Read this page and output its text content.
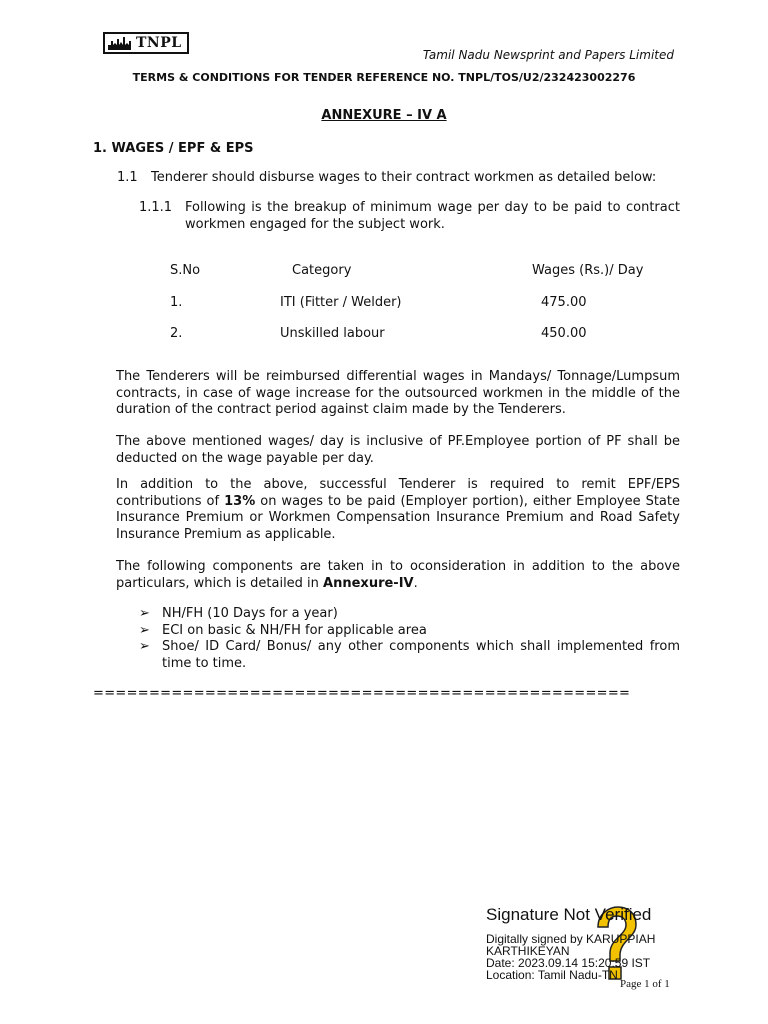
TNPL
Tamil Nadu Newsprint and Papers Limited
TERMS & CONDITIONS FOR TENDER REFERENCE NO. TNPL/TOS/U2/232423002276
ANNEXURE – IV A
1. WAGES / EPF & EPS
1.1 Tenderer should disburse wages to their contract workmen as detailed below:
1.1.1 Following is the breakup of minimum wage per day to be paid to contract workmen engaged for the subject work.
S.No	Category	Wages (Rs.)/ Day
1.	ITI (Fitter / Welder)	475.00
2.	Unskilled labour	450.00

The Tenderers will be reimbursed differential wages in Mandays/ Tonnage/Lumpsum contracts, in case of wage increase for the outsourced workmen in the middle of the duration of the contract period against claim made by the Tenderers.

The above mentioned wages/ day is inclusive of PF.Employee portion of PF shall be deducted on the wage payable per day.

In addition to the above, successful Tenderer is required to remit EPF/EPS contributions of 13% on wages to be paid (Employer portion), either Employee State Insurance Premium or Workmen Compensation Insurance Premium and Road Safety Insurance Premium as applicable.

The following components are taken in to oconsideration in addition to the above particulars, which is detailed in Annexure-IV.

➢ NH/FH (10 Days for a year)
➢ ECI on basic & NH/FH for applicable area
➢ Shoe/ ID Card/ Bonus/ any other components which shall implemented from time to time.
================================================
Signature Not Verified
Digitally signed by KARUPPIAH
KARTHIKEYAN
Date: 2023.09.14 15:20:59 IST
Location: Tamil Nadu-TN
Page 1 of 1
